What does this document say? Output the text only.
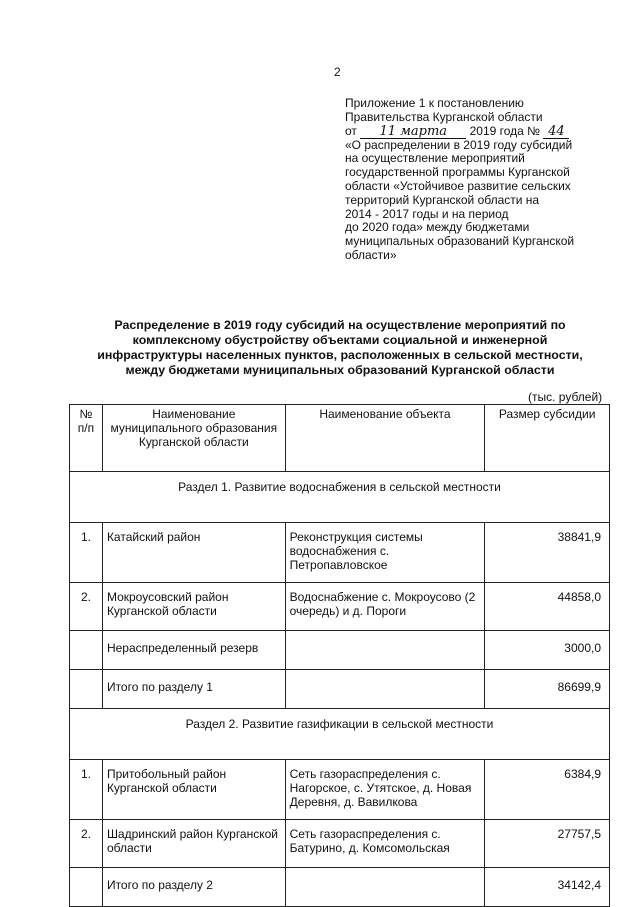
2
Приложение 1 к постановлению
Правительства Курганской области
от 11 марта 2019 года № 44
«О распределении в 2019 году субсидий
на осуществление мероприятий
государственной программы Курганской
области «Устойчивое развитие сельских
территорий Курганской области на
2014 - 2017 годы и на период
до 2020 года» между бюджетами
муниципальных образований Курганской
области»
Распределение в 2019 году субсидий на осуществление мероприятий по
комплексному обустройству объектами социальной и инженерной
инфраструктуры населенных пунктов, расположенных в сельской местности,
между бюджетами муниципальных образований Курганской области
(тыс. рублей)
№ п/п	Наименование муниципального образования Курганской области	Наименование объекта	Размер субсидии
Раздел 1. Развитие водоснабжения в сельской местности			
1.	Катайский район	Реконструкция системы водоснабжения с. Петропавловское	38841,9
2.	Мокроусовский район Курганской области	Водоснабжение с. Мокроусово (2 очередь) и д. Пороги	44858,0
	Нераспределенный резерв		3000,0
	Итого по разделу 1		86699,9
Раздел 2. Развитие газификации в сельской местности			
1.	Притобольный район Курганской области	Сеть газораспределения с. Нагорское, с. Утятское, д. Новая Деревня, д. Вавилкова	6384,9
2.	Шадринский район Курганской области	Сеть газораспределения с. Батурино, д. Комсомольская	27757,5
	Итого по разделу 2		34142,4
